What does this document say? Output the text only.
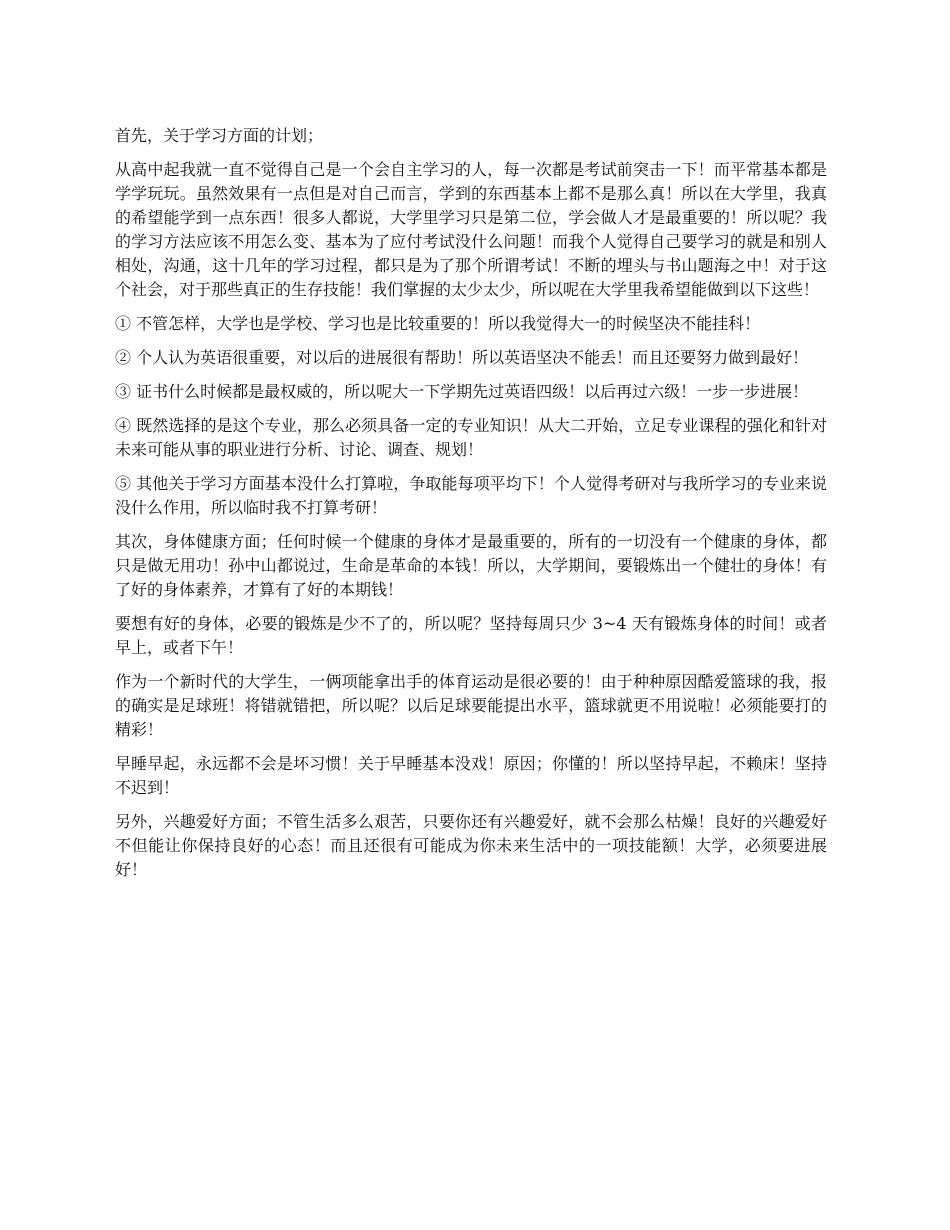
首先，关于学习方面的计划；

从高中起我就一直不觉得自己是一个会自主学习的人，每一次都是考试前突击一下！而平常基本都是学学玩玩。虽然效果有一点但是对自己而言，学到的东西基本上都不是那么真！所以在大学里，我真的希望能学到一点东西！很多人都说，大学里学习只是第二位，学会做人才是最重要的！所以呢？我的学习方法应该不用怎么变、基本为了应付考试没什么问题！而我个人觉得自己要学习的就是和别人相处，沟通，这十几年的学习过程，都只是为了那个所谓考试！不断的埋头与书山题海之中！对于这个社会，对于那些真正的生存技能！我们掌握的太少太少，所以呢在大学里我希望能做到以下这些！

① 不管怎样，大学也是学校、学习也是比较重要的！所以我觉得大一的时候坚决不能挂科！

② 个人认为英语很重要，对以后的进展很有帮助！所以英语坚决不能丢！而且还要努力做到最好！

③ 证书什么时候都是最权威的，所以呢大一下学期先过英语四级！以后再过六级！一步一步进展！

④ 既然选择的是这个专业，那么必须具备一定的专业知识！从大二开始，立足专业课程的强化和针对未来可能从事的职业进行分析、讨论、调查、规划！

⑤ 其他关于学习方面基本没什么打算啦，争取能每项平均下！个人觉得考研对与我所学习的专业来说没什么作用，所以临时我不打算考研！

其次，身体健康方面；任何时候一个健康的身体才是最重要的，所有的一切没有一个健康的身体，都只是做无用功！孙中山都说过，生命是革命的本钱！所以，大学期间，要锻炼出一个健壮的身体！有了好的身体素养，才算有了好的本期钱！

要想有好的身体，必要的锻炼是少不了的，所以呢？坚持每周只少 3~4 天有锻炼身体的时间！或者早上，或者下午！

作为一个新时代的大学生，一俩项能拿出手的体育运动是很必要的！由于种种原因酷爱篮球的我，报的确实是足球班！将错就错把，所以呢？以后足球要能提出水平，篮球就更不用说啦！必须能要打的精彩！

早睡早起，永远都不会是坏习惯！关于早睡基本没戏！原因；你懂的！所以坚持早起，不赖床！坚持不迟到！

另外，兴趣爱好方面；不管生活多么艰苦，只要你还有兴趣爱好，就不会那么枯燥！良好的兴趣爱好不但能让你保持良好的心态！而且还很有可能成为你未来生活中的一项技能额！大学，必须要进展好！
